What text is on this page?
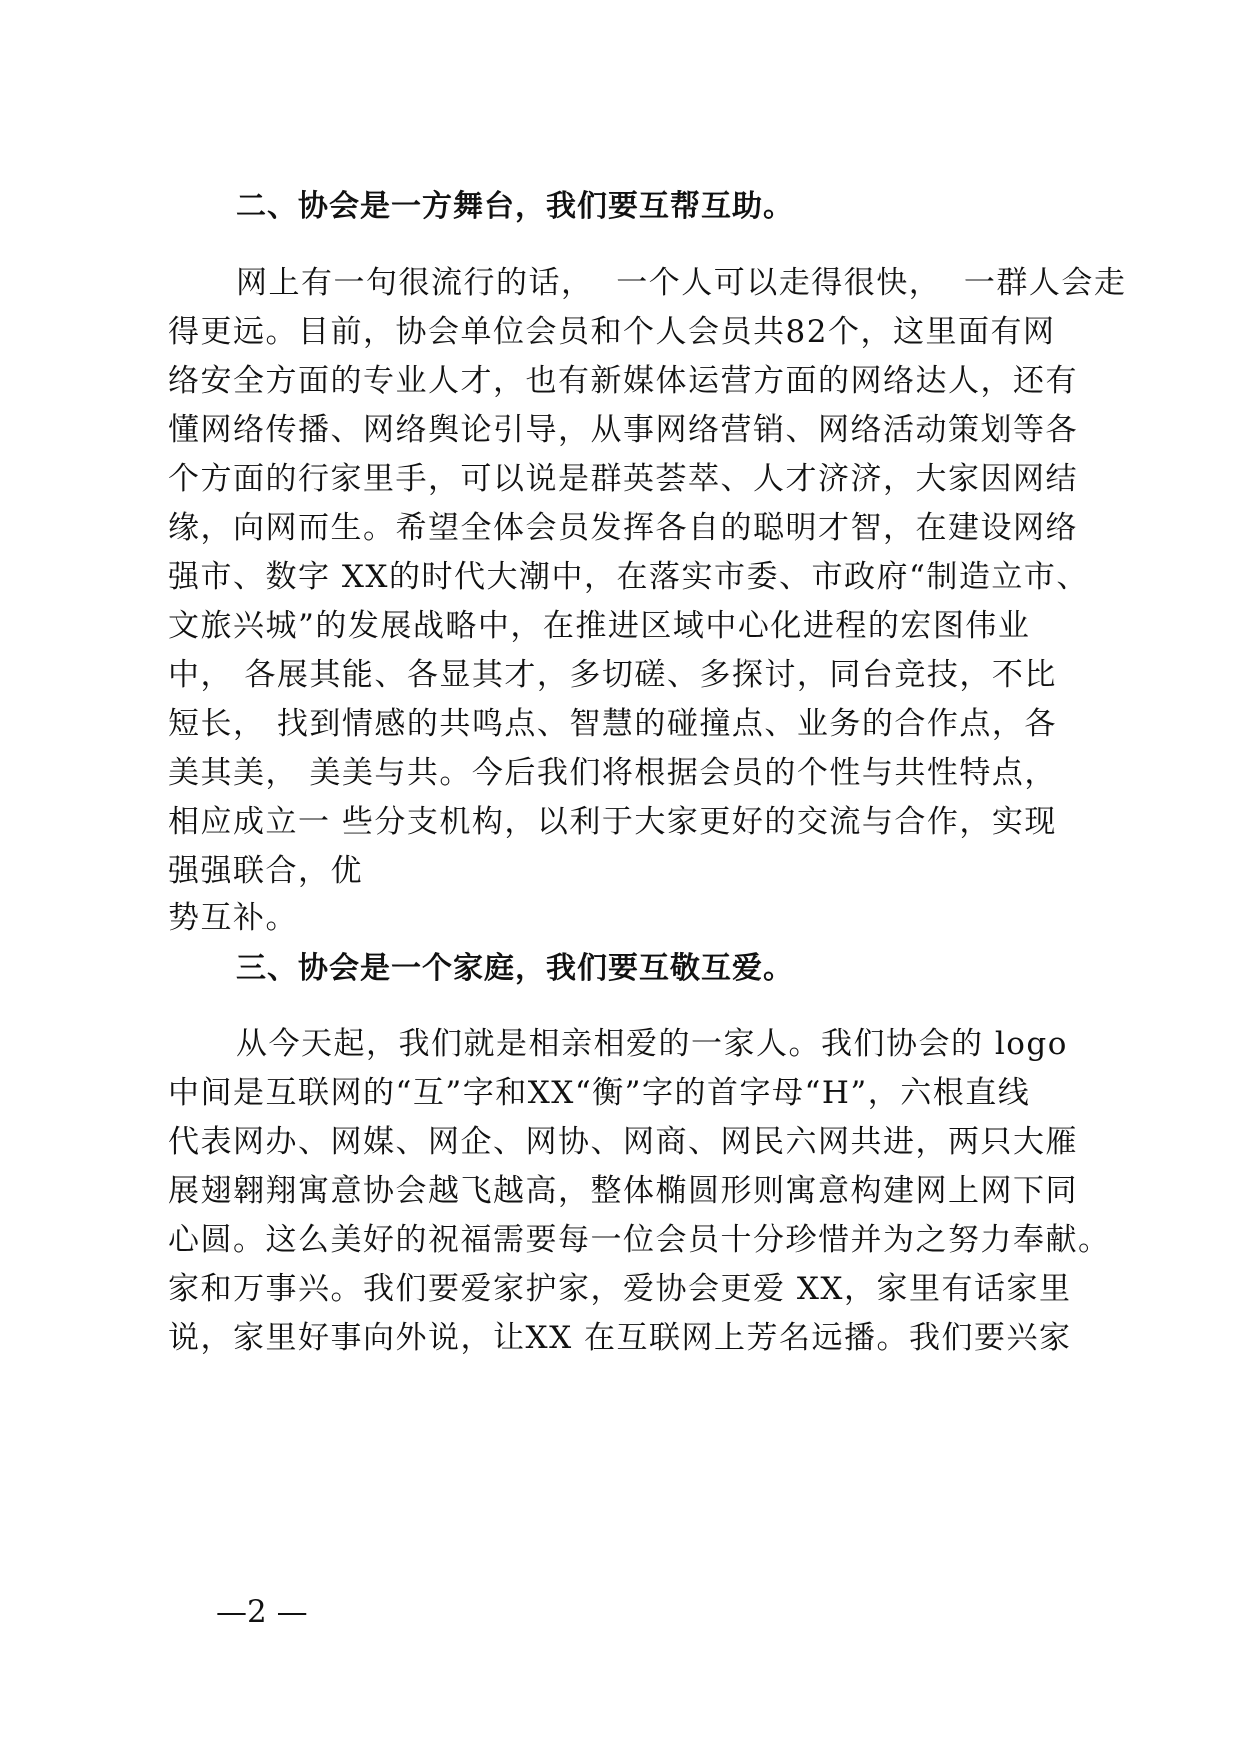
二、协会是一方舞台，我们要互帮互助。
网上有一句很流行的话，  一个人可以走得很快，  一群人会走
得更远。目前，协会单位会员和个人会员共82个，这里面有网
络安全方面的专业人才，也有新媒体运营方面的网络达人，还有
懂网络传播、网络舆论引导，从事网络营销、网络活动策划等各
个方面的行家里手，可以说是群英荟萃、人才济济，大家因网结
缘，向网而生。希望全体会员发挥各自的聪明才智，在建设网络
强市、数字 XX的时代大潮中，在落实市委、市政府“制造立市、
文旅兴城”的发展战略中，在推进区域中心化进程的宏图伟业
中， 各展其能、各显其才，多切磋、多探讨，同台竞技，不比
短长， 找到情感的共鸣点、智慧的碰撞点、业务的合作点，各
美其美， 美美与共。今后我们将根据会员的个性与共性特点，
相应成立一 些分支机构，以利于大家更好的交流与合作，实现
强强联合，优
势互补。
三、协会是一个家庭，我们要互敬互爱。
从今天起，我们就是相亲相爱的一家人。我们协会的 logo
中间是互联网的“互”字和XX“衡”字的首字母“H”，六根直线
代表网办、网媒、网企、网协、网商、网民六网共进，两只大雁
展翅翱翔寓意协会越飞越高，整体椭圆形则寓意构建网上网下同
心圆。这么美好的祝福需要每一位会员十分珍惜并为之努力奉献。
家和万事兴。我们要爱家护家，爱协会更爱 XX，家里有话家里
说，家里好事向外说，让XX 在互联网上芳名远播。我们要兴家
—2 —
